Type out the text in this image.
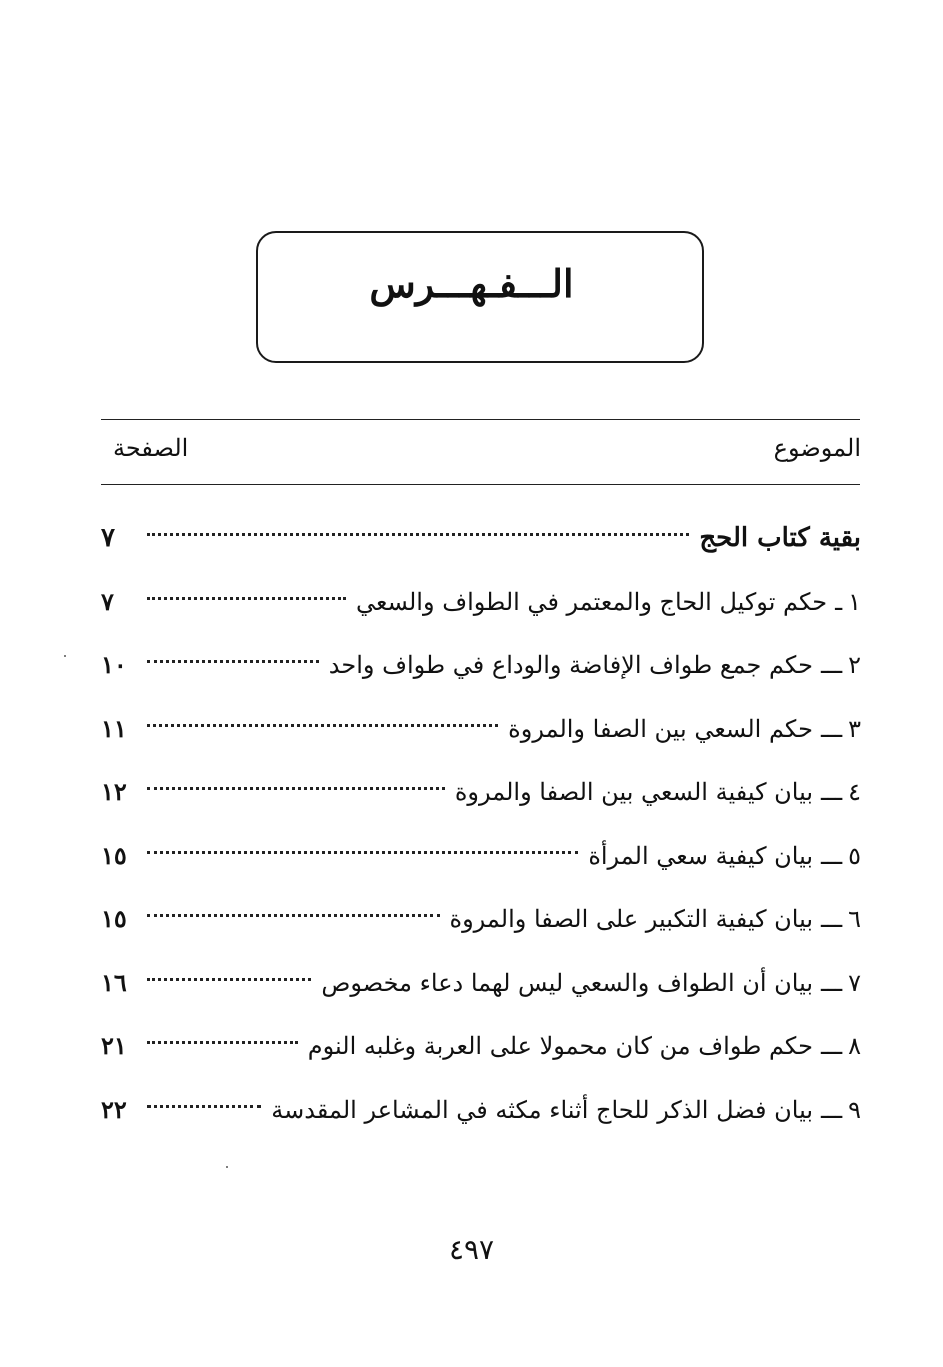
الـــفـهـــرس
الموضوع
الصفحة
بقية كتاب الحج
٧
١
ـ
حكم توكيل الحاج والمعتمر في الطواف والسعي
٧
٢
ـــ
حكم جمع طواف الإفاضة والوداع في طواف واحد
١٠
٣
ـــ
حكم السعي بين الصفا والمروة
١١
٤
ـــ
بيان كيفية السعي بين الصفا والمروة
١٢
٥
ـــ
بيان كيفية سعي المرأة
١٥
٦
ـــ
بيان كيفية التكبير على الصفا والمروة
١٥
٧
ـــ
بيان أن الطواف والسعي ليس لهما دعاء مخصوص
١٦
٨
ـــ
حكم طواف من كان محمولا على العربة وغلبه النوم
٢١
٩
ـــ
بيان فضل الذكر للحاج أثناء مكثه في المشاعر المقدسة
٢٢
٤٩٧
